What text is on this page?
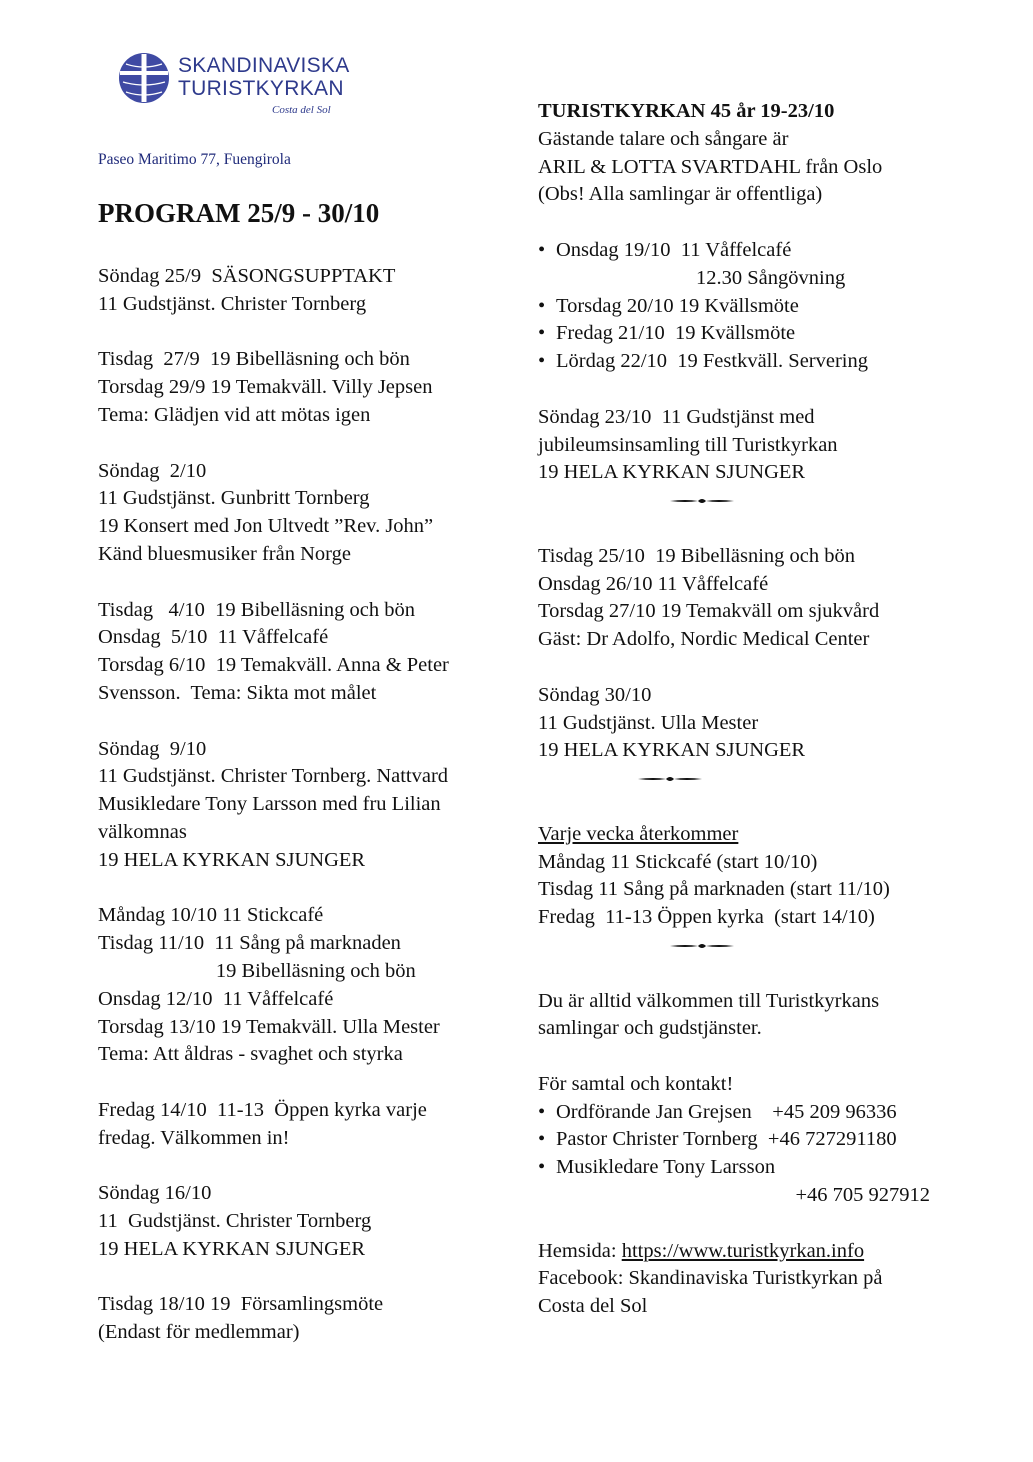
SKANDINAVISKA
TURISTKYRKAN
Costa del Sol
Paseo Maritimo 77, Fuengirola
PROGRAM 25/9 - 30/10
Söndag 25/9  SÄSONGSUPPTAKT
11 Gudstjänst. Christer Tornberg
Tisdag  27/9  19 Bibelläsning och bön
Torsdag 29/9 19 Temakväll. Villy Jepsen
Tema: Glädjen vid att mötas igen
Söndag  2/10
11 Gudstjänst. Gunbritt Tornberg
19 Konsert med Jon Ultvedt ”Rev. John”
Känd bluesmusiker från Norge
Tisdag   4/10  19 Bibelläsning och bön
Onsdag  5/10  11 Våffelcafé
Torsdag 6/10  19 Temakväll. Anna & Peter
Svensson.  Tema: Sikta mot målet
Söndag  9/10
11 Gudstjänst. Christer Tornberg. Nattvard
Musikledare Tony Larsson med fru Lilian
välkomnas
19 HELA KYRKAN SJUNGER
Måndag 10/10 11 Stickcafé
Tisdag 11/10  11 Sång på marknaden
19 Bibelläsning och bön
Onsdag 12/10  11 Våffelcafé
Torsdag 13/10 19 Temakväll. Ulla Mester
Tema: Att åldras - svaghet och styrka
Fredag 14/10  11-13  Öppen kyrka varje
fredag. Välkommen in!
Söndag 16/10
11  Gudstjänst. Christer Tornberg
19 HELA KYRKAN SJUNGER
Tisdag 18/10 19  Församlingsmöte
(Endast för medlemmar)
TURISTKYRKAN 45 år 19-23/10
Gästande talare och sångare är
ARIL & LOTTA SVARTDAHL från Oslo
(Obs! Alla samlingar är offentliga)
• Onsdag 19/10  11 Våffelcafé
12.30 Sångövning
• Torsdag 20/10 19 Kvällsmöte
• Fredag 21/10  19 Kvällsmöte
• Lördag 22/10  19 Festkväll. Servering
Söndag 23/10  11 Gudstjänst med
jubileumsinsamling till Turistkyrkan
19 HELA KYRKAN SJUNGER
Tisdag 25/10  19 Bibelläsning och bön
Onsdag 26/10 11 Våffelcafé
Torsdag 27/10 19 Temakväll om sjukvård
Gäst: Dr Adolfo, Nordic Medical Center
Söndag 30/10
11 Gudstjänst. Ulla Mester
19 HELA KYRKAN SJUNGER
Varje vecka återkommer
Måndag 11 Stickcafé (start 10/10)
Tisdag 11 Sång på marknaden (start 11/10)
Fredag  11-13 Öppen kyrka  (start 14/10)
Du är alltid välkommen till Turistkyrkans
samlingar och gudstjänster.
För samtal och kontakt!
• Ordförande Jan Grejsen    +45 209 96336
• Pastor Christer Tornberg  +46 727291180
• Musikledare Tony Larsson
+46 705 927912
Hemsida: https://www.turistkyrkan.info
Facebook: Skandinaviska Turistkyrkan på
Costa del Sol
